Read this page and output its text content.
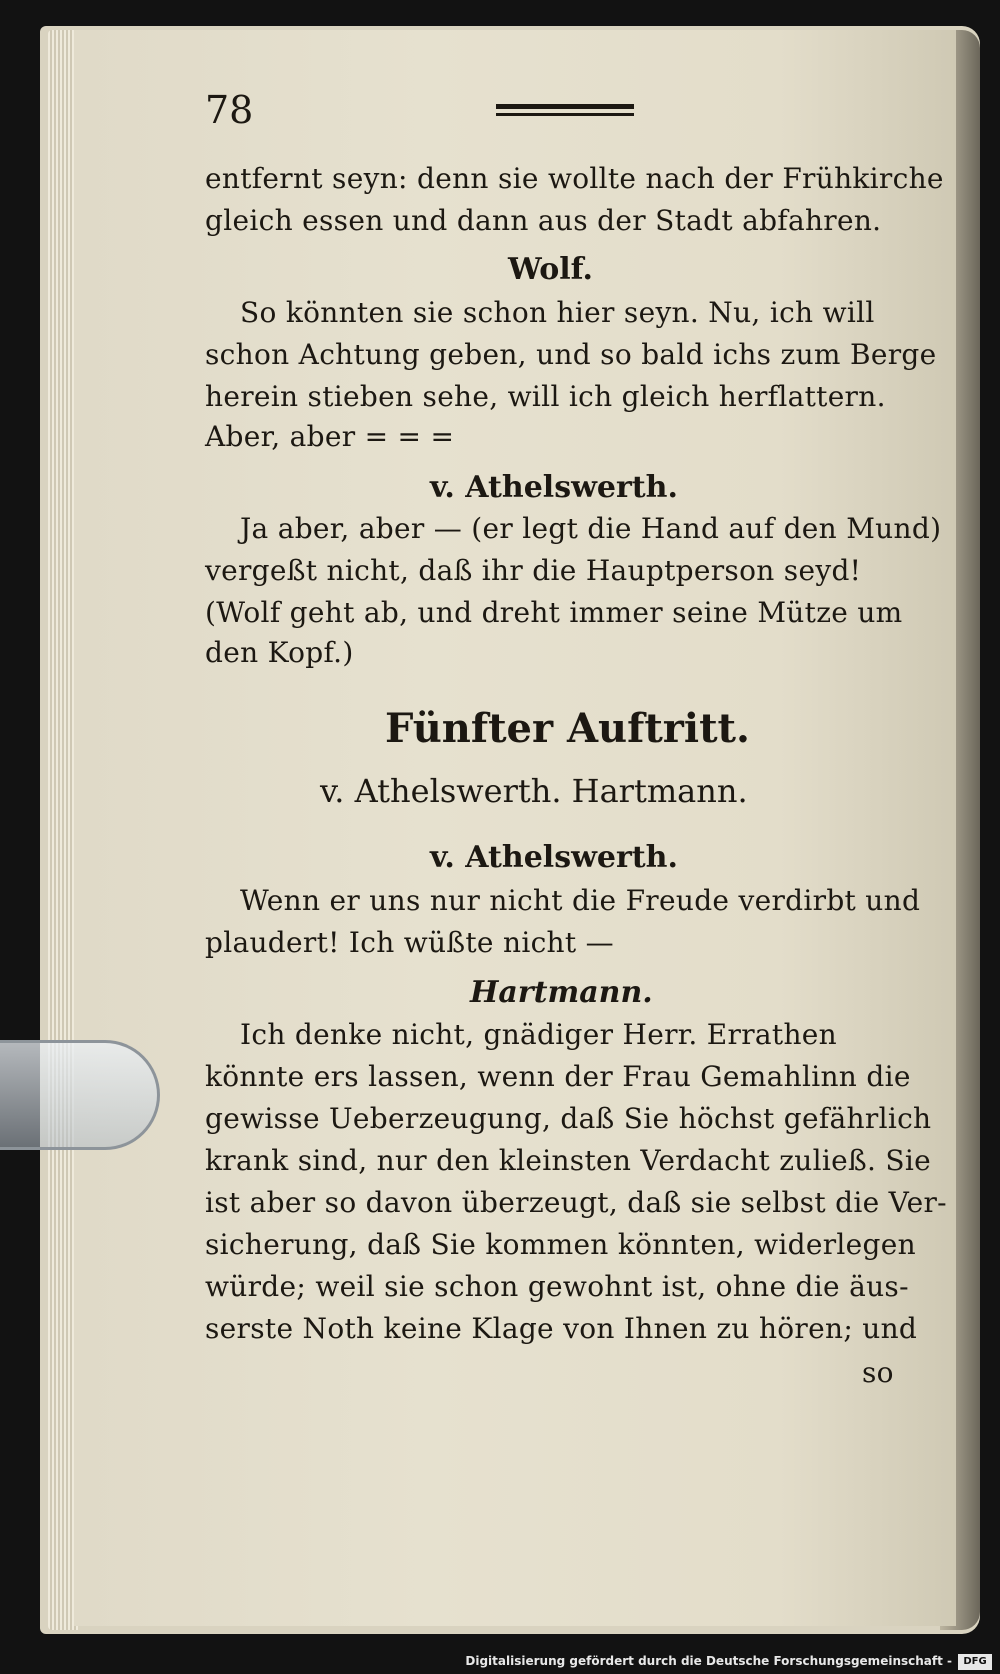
78
entfernt seyn: denn sie wollte nach der Frühkirche
gleich essen und dann aus der Stadt abfahren.
Wolf.
So könnten sie schon hier seyn. Nu, ich will
schon Achtung geben, und so bald ichs zum Berge
herein stieben sehe, will ich gleich herflattern.
Aber, aber = = =
v. Athelswerth.
Ja aber, aber — (er legt die Hand auf den Mund)
vergeßt nicht, daß ihr die Hauptperson seyd!
(Wolf geht ab, und dreht immer seine Mütze um
den Kopf.)
Fünfter Auftritt.
v. Athelswerth. Hartmann.
v. Athelswerth.
Wenn er uns nur nicht die Freude verdirbt und
plaudert! Ich wüßte nicht —
Hartmann.
Ich denke nicht, gnädiger Herr. Errathen
könnte ers lassen, wenn der Frau Gemahlinn die
gewisse Ueberzeugung, daß Sie höchst gefährlich
krank sind, nur den kleinsten Verdacht zuließ. Sie
ist aber so davon überzeugt, daß sie selbst die Ver-
sicherung, daß Sie kommen könnten, widerlegen
würde; weil sie schon gewohnt ist, ohne die äus-
serste Noth keine Klage von Ihnen zu hören; und
so
Digitalisierung gefördert durch die Deutsche Forschungsgemeinschaft -	DFG
